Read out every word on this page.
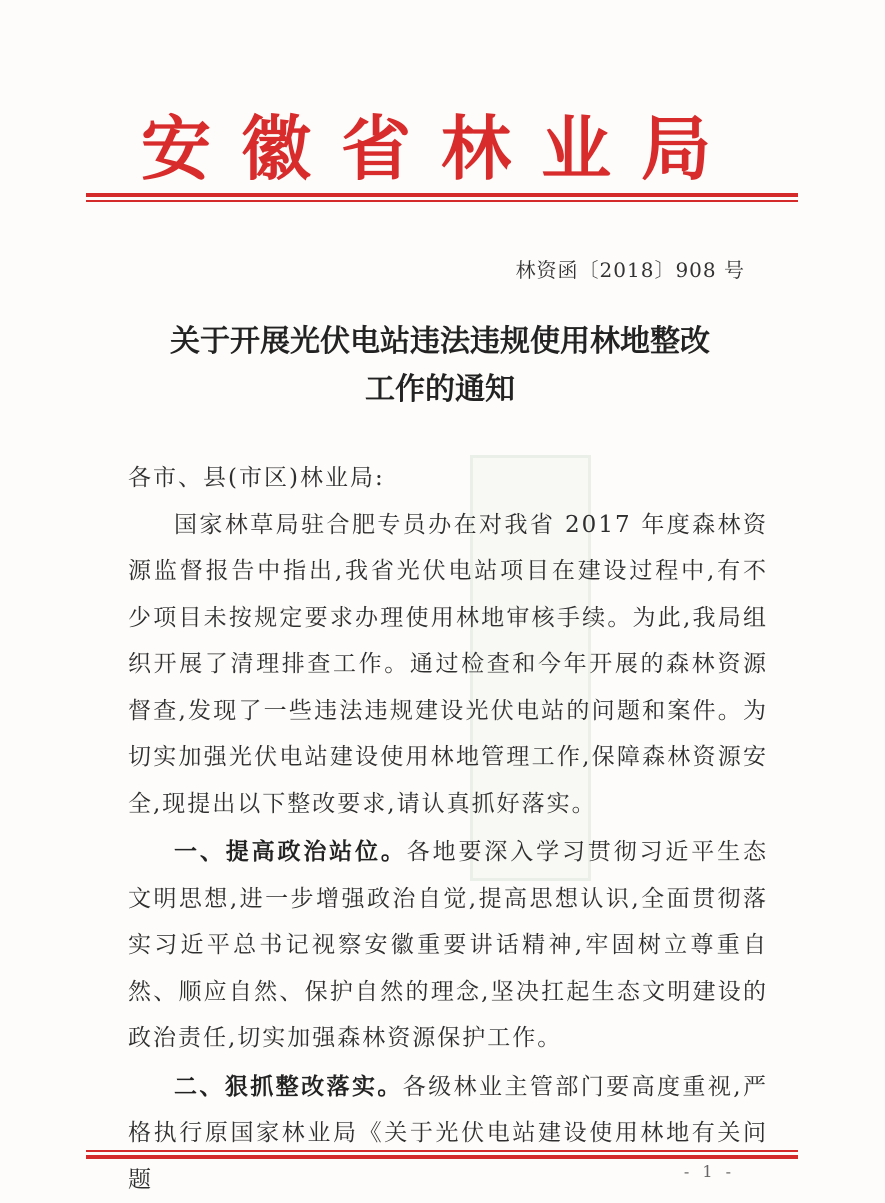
安徽省林业局
林资函〔2018〕908 号
关于开展光伏电站违法违规使用林地整改
工作的通知

各市、县(市区)林业局:

国家林草局驻合肥专员办在对我省 2017 年度森林资源监督报告中指出,我省光伏电站项目在建设过程中,有不少项目未按规定要求办理使用林地审核手续。为此,我局组织开展了清理排查工作。通过检查和今年开展的森林资源督查,发现了一些违法违规建设光伏电站的问题和案件。为切实加强光伏电站建设使用林地管理工作,保障森林资源安全,现提出以下整改要求,请认真抓好落实。

一、提高政治站位。各地要深入学习贯彻习近平生态文明思想,进一步增强政治自觉,提高思想认识,全面贯彻落实习近平总书记视察安徽重要讲话精神,牢固树立尊重自然、顺应自然、保护自然的理念,坚决扛起生态文明建设的政治责任,切实加强森林资源保护工作。

二、狠抓整改落实。各级林业主管部门要高度重视,严格执行原国家林业局《关于光伏电站建设使用林地有关问题	- 1 -
